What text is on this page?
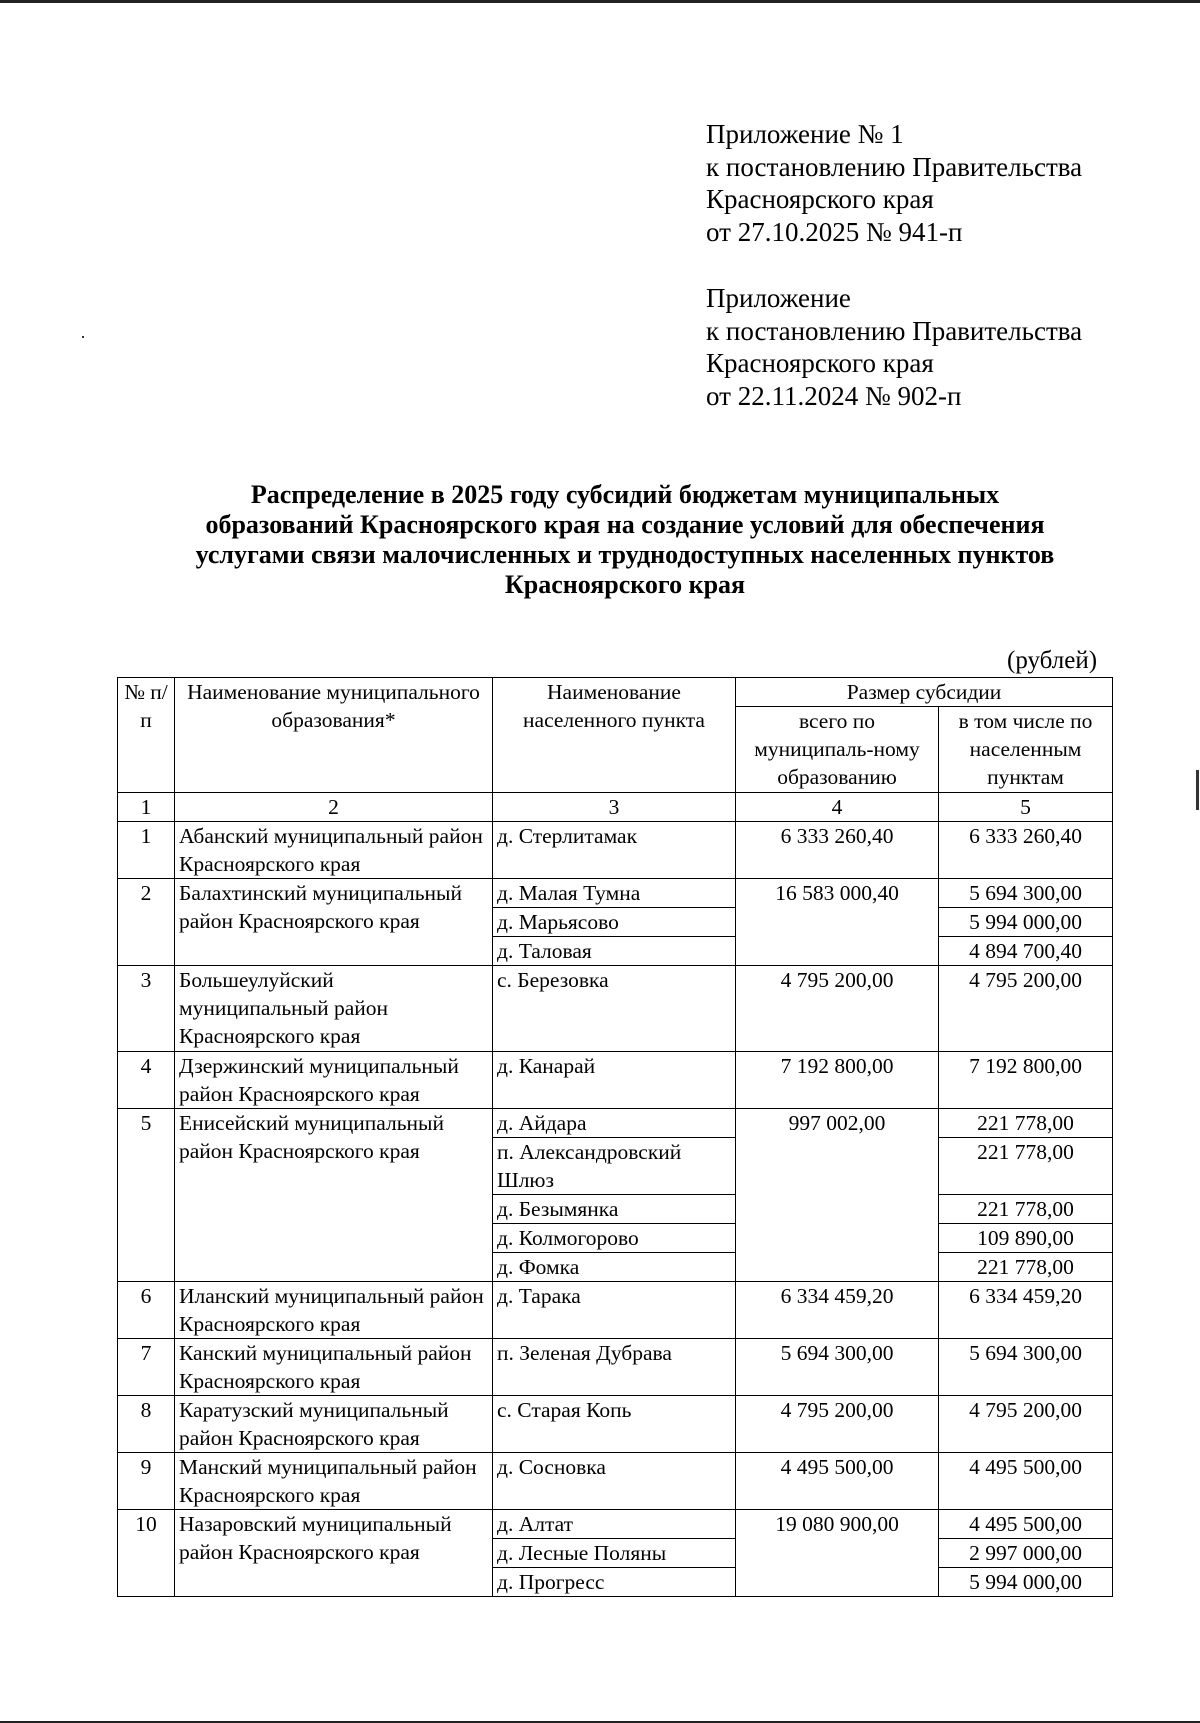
Приложение № 1
к постановлению Правительства
Красноярского края
от 27.10.2025 № 941-п
Приложение
к постановлению Правительства
Красноярского края
от 22.11.2024 № 902-п
Распределение в 2025 году субсидий бюджетам муниципальных
образований Красноярского края на создание условий для обеспечения
услугами связи малочисленных и труднодоступных населенных пунктов
Красноярского края
(рублей)
№ п/п	Наименование муниципального образования*	Наименование населенного пункта	Размер субсидии	
			всего по муниципаль-ному образованию	в том числе по населенным пунктам
1	2	3	4	5
1	Абанский муниципальный район Красноярского края	д. Стерлитамак	6 333 260,40	6 333 260,40
2	Балахтинский муниципальный район Красноярского края	д. Малая Тумна	16 583 000,40	5 694 300,00
		д. Марьясово		5 994 000,00
		д. Таловая		4 894 700,40
3	Большеулуйский муниципальный район Красноярского края	с. Березовка	4 795 200,00	4 795 200,00
4	Дзержинский муниципальный район Красноярского края	д. Канарай	7 192 800,00	7 192 800,00
5	Енисейский муниципальный район Красноярского края	д. Айдара	997 002,00	221 778,00
		п. Александровский Шлюз		221 778,00
		д. Безымянка		221 778,00
		д. Колмогорово		109 890,00
		д. Фомка		221 778,00
6	Иланский муниципальный район Красноярского края	д. Тарака	6 334 459,20	6 334 459,20
7	Канский муниципальный район Красноярского края	п. Зеленая Дубрава	5 694 300,00	5 694 300,00
8	Каратузский муниципальный район Красноярского края	с. Старая Копь	4 795 200,00	4 795 200,00
9	Манский муниципальный район Красноярского края	д. Сосновка	4 495 500,00	4 495 500,00
10	Назаровский муниципальный район Красноярского края	д. Алтат	19 080 900,00	4 495 500,00
		д. Лесные Поляны		2 997 000,00
		д. Прогресс		5 994 000,00
